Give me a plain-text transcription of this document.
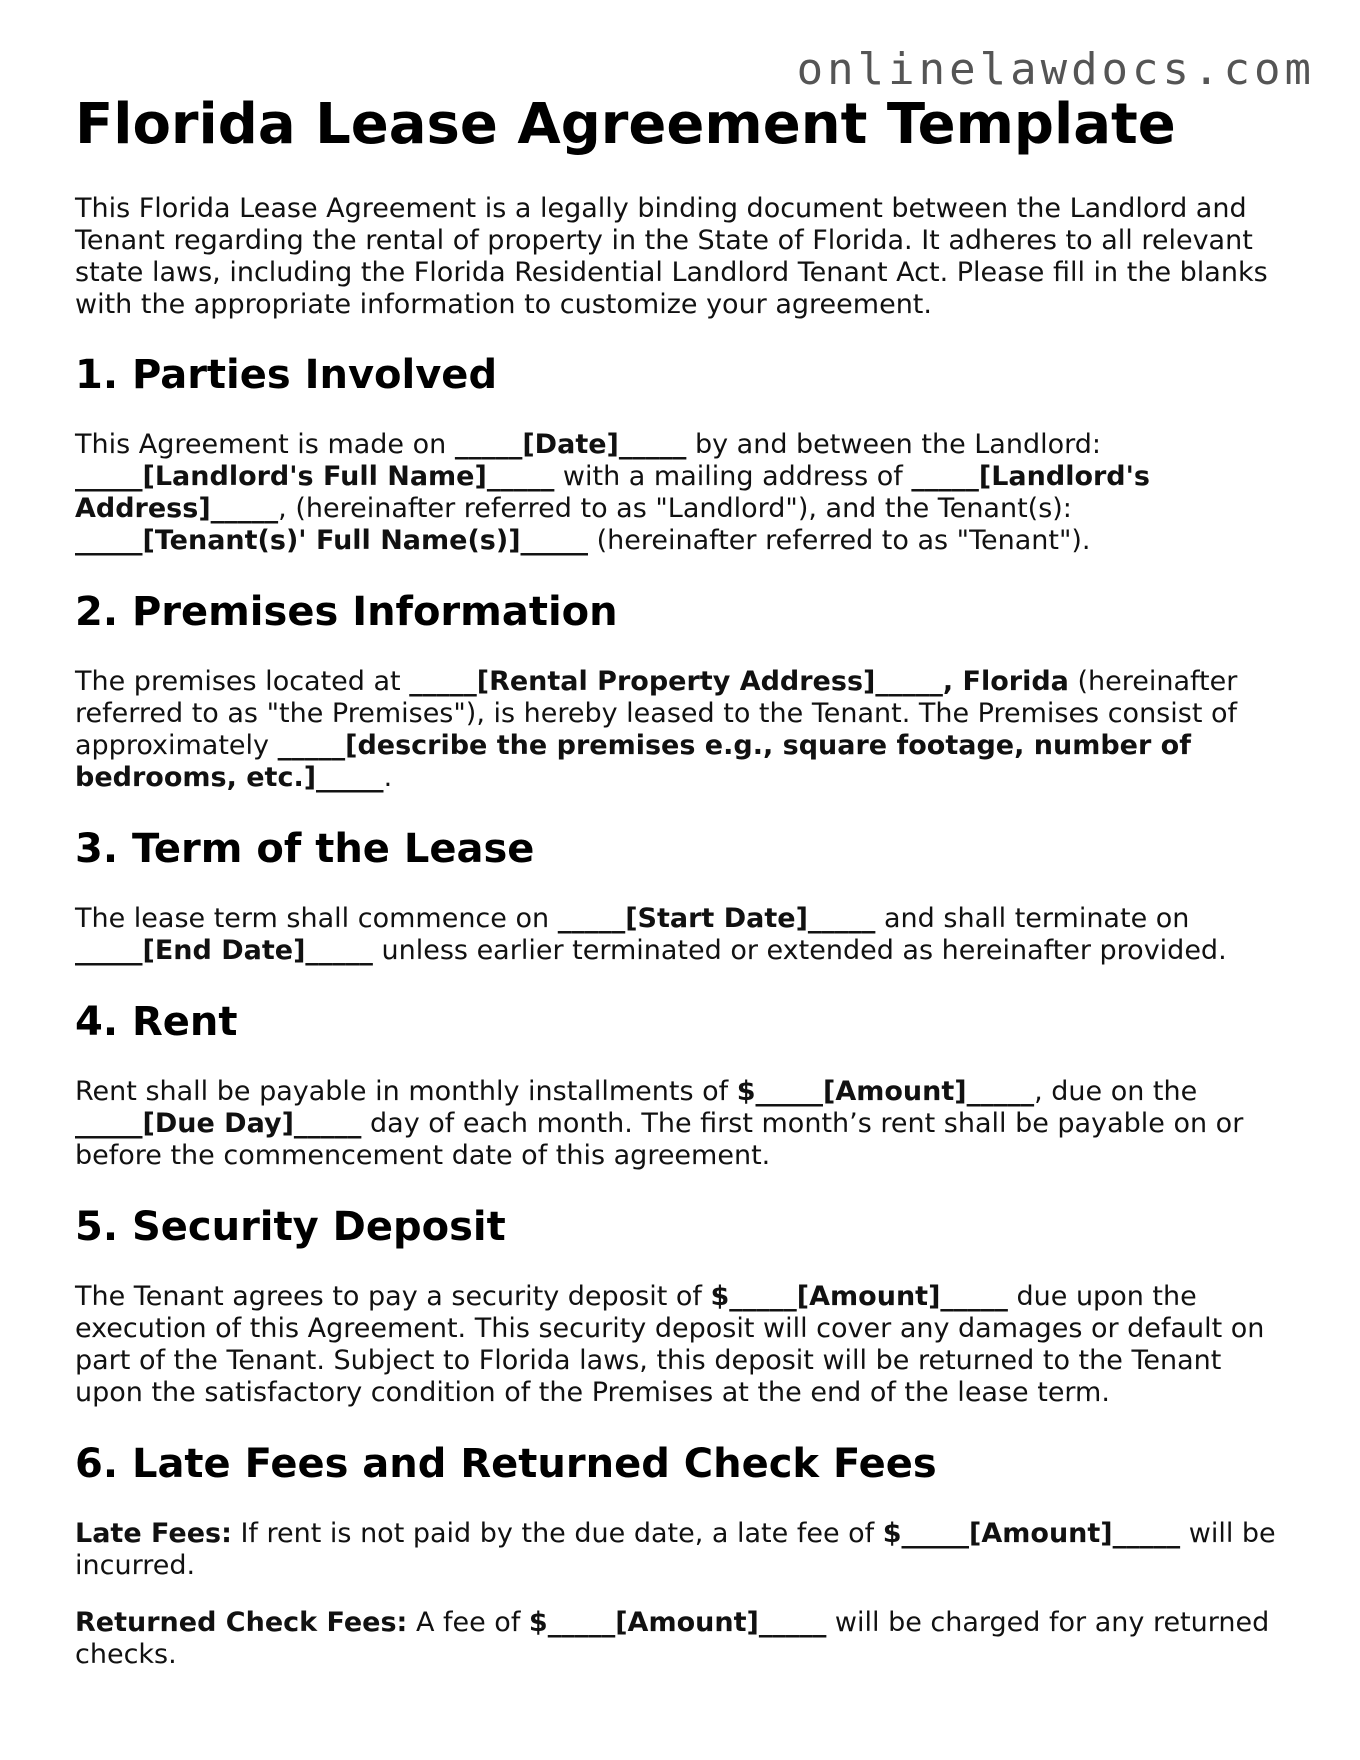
onlinelawdocs.com
Florida Lease Agreement Template

This Florida Lease Agreement is a legally binding document between the Landlord and Tenant regarding the rental of property in the State of Florida. It adheres to all relevant state laws, including the Florida Residential Landlord Tenant Act. Please fill in the blanks with the appropriate information to customize your agreement.

1. Parties Involved

This Agreement is made on _____[Date]_____ by and between the Landlord: _____[Landlord's Full Name]_____ with a mailing address of _____[Landlord's Address]_____, (hereinafter referred to as "Landlord"), and the Tenant(s): _____[Tenant(s)' Full Name(s)]_____ (hereinafter referred to as "Tenant").

2. Premises Information

The premises located at _____[Rental Property Address]_____, Florida (hereinafter referred to as "the Premises"), is hereby leased to the Tenant. The Premises consist of approximately _____[describe the premises e.g., square footage, number of bedrooms, etc.]_____.

3. Term of the Lease

The lease term shall commence on _____[Start Date]_____ and shall terminate on _____[End Date]_____ unless earlier terminated or extended as hereinafter provided.

4. Rent

Rent shall be payable in monthly installments of $_____[Amount]_____, due on the _____[Due Day]_____ day of each month. The first month’s rent shall be payable on or before the commencement date of this agreement.

5. Security Deposit

The Tenant agrees to pay a security deposit of $_____[Amount]_____ due upon the execution of this Agreement. This security deposit will cover any damages or default on part of the Tenant. Subject to Florida laws, this deposit will be returned to the Tenant upon the satisfactory condition of the Premises at the end of the lease term.

6. Late Fees and Returned Check Fees

Late Fees: If rent is not paid by the due date, a late fee of $_____[Amount]_____ will be incurred.

Returned Check Fees: A fee of $_____[Amount]_____ will be charged for any returned checks.
